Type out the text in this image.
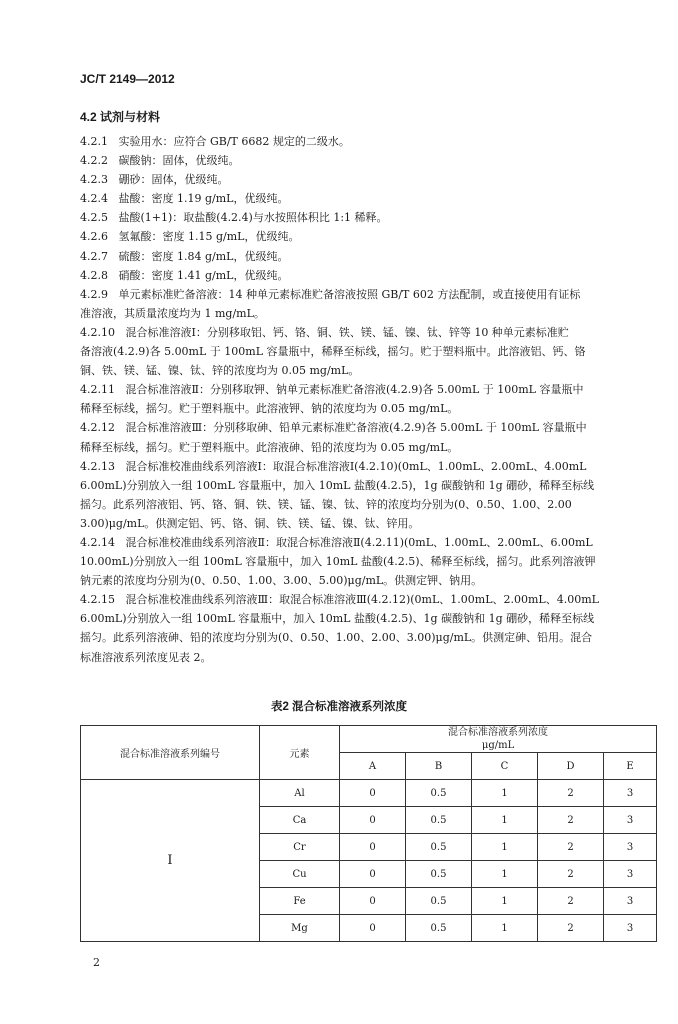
JC/T 2149—2012
4.2 试剂与材料
4.2.1   实验用水：应符合 GB/T 6682 规定的二级水。
4.2.2   碳酸钠：固体，优级纯。
4.2.3   硼砂：固体，优级纯。
4.2.4   盐酸：密度 1.19 g/mL，优级纯。
4.2.5   盐酸(1+1)：取盐酸(4.2.4)与水按照体积比 1:1 稀释。
4.2.6   氢氟酸：密度 1.15 g/mL，优级纯。
4.2.7   硫酸：密度 1.84 g/mL，优级纯。
4.2.8   硝酸：密度 1.41 g/mL，优级纯。
4.2.9   单元素标准贮备溶液：14 种单元素标准贮备溶液按照 GB/T 602 方法配制，或直接使用有证标
准溶液，其质量浓度均为 1 mg/mL。
4.2.10   混合标准溶液Ⅰ：分别移取铝、钙、铬、铜、铁、镁、锰、镍、钛、锌等 10 种单元素标准贮
备溶液(4.2.9)各 5.00mL 于 100mL 容量瓶中，稀释至标线，摇匀。贮于塑料瓶中。此溶液铝、钙、铬
铜、铁、镁、锰、镍、钛、锌的浓度均为 0.05 mg/mL。
4.2.11   混合标准溶液Ⅱ：分别移取钾、钠单元素标准贮备溶液(4.2.9)各 5.00mL 于 100mL 容量瓶中
稀释至标线，摇匀。贮于塑料瓶中。此溶液钾、钠的浓度均为 0.05 mg/mL。
4.2.12   混合标准溶液Ⅲ：分别移取砷、铅单元素标准贮备溶液(4.2.9)各 5.00mL 于 100mL 容量瓶中
稀释至标线，摇匀。贮于塑料瓶中。此溶液砷、铅的浓度均为 0.05 mg/mL。
4.2.13   混合标准校准曲线系列溶液Ⅰ：取混合标准溶液Ⅰ(4.2.10)(0mL、1.00mL、2.00mL、4.00mL
6.00mL)分别放入一组 100mL 容量瓶中，加入 10mL 盐酸(4.2.5)，1g 碳酸钠和 1g 硼砂，稀释至标线
摇匀。此系列溶液铝、钙、铬、铜、铁、镁、锰、镍、钛、锌的浓度均分别为(0、0.50、1.00、2.00
3.00)μg/mL。供测定铝、钙、铬、铜、铁、镁、锰、镍、钛、锌用。
4.2.14   混合标准校准曲线系列溶液Ⅱ：取混合标准溶液Ⅱ(4.2.11)(0mL、1.00mL、2.00mL、6.00mL
10.00mL)分别放入一组 100mL 容量瓶中，加入 10mL 盐酸(4.2.5)、稀释至标线，摇匀。此系列溶液钾
钠元素的浓度均分别为(0、0.50、1.00、3.00、5.00)μg/mL。供测定钾、钠用。
4.2.15   混合标准校准曲线系列溶液Ⅲ：取混合标准溶液Ⅲ(4.2.12)(0mL、1.00mL、2.00mL、4.00mL
6.00mL)分别放入一组 100mL 容量瓶中，加入 10mL 盐酸(4.2.5)、1g 碳酸钠和 1g 硼砂，稀释至标线
摇匀。此系列溶液砷、铅的浓度均分别为(0、0.50、1.00、2.00、3.00)μg/mL。供测定砷、铅用。混合
标准溶液系列浓度见表 2。
表2 混合标准溶液系列浓度
混合标准溶液系列编号	元素	混合标准溶液系列浓度
μg/mL				

		A	B	C	D	E
Ⅰ	Al	0	0.5	1	2	3
	Ca	0	0.5	1	2	3
	Cr	0	0.5	1	2	3
	Cu	0	0.5	1	2	3
	Fe	0	0.5	1	2	3
	Mg	0	0.5	1	2	3
2
